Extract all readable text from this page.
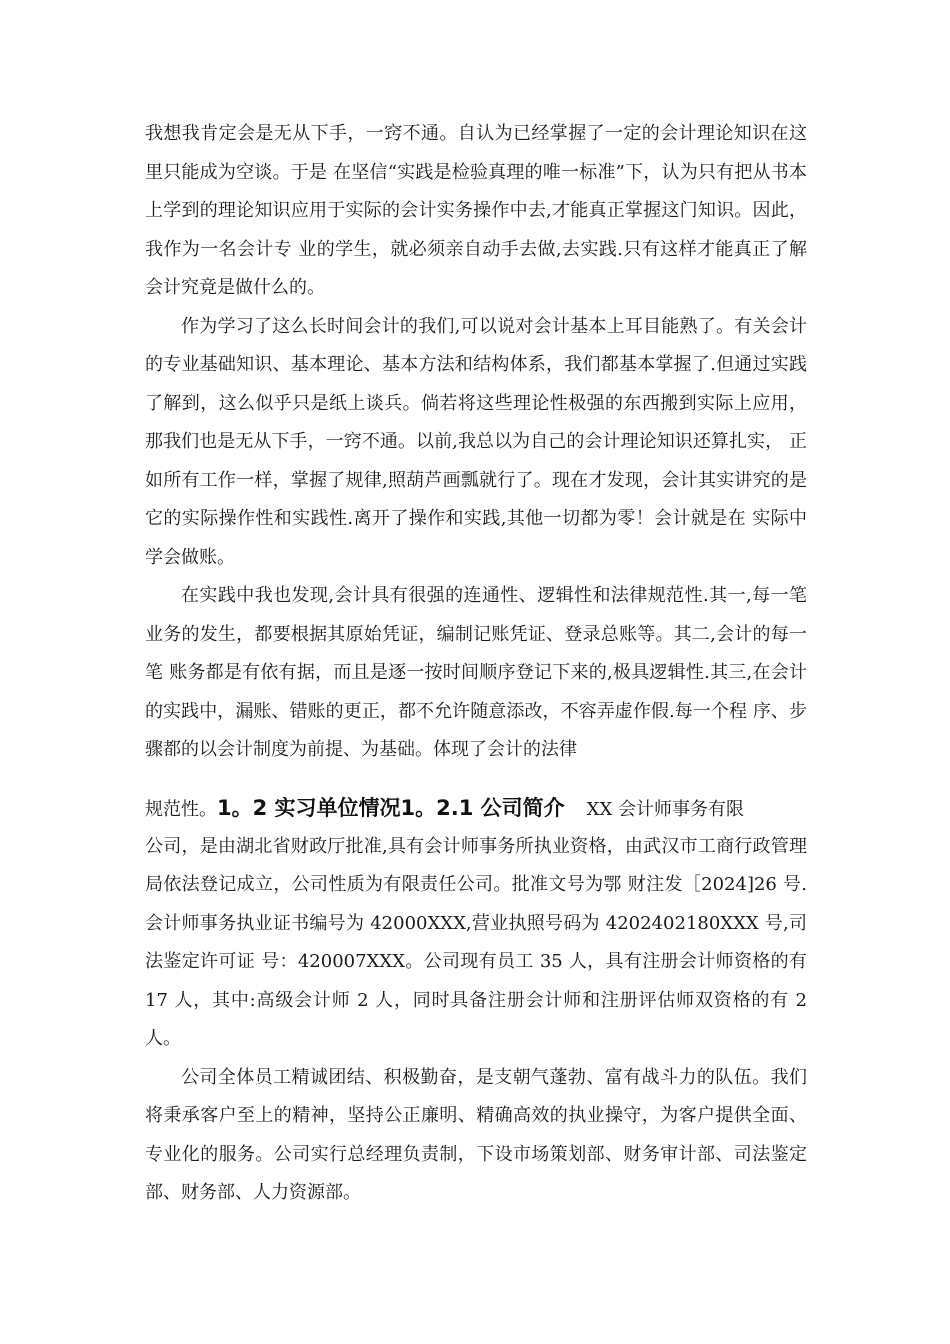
我想我肯定会是无从下手，一窍不通。自认为已经掌握了一定的会计理论知识在这里只能成为空谈。于是 在坚信“实践是检验真理的唯一标准”下，认为只有把从书本上学到的理论知识应用于实际的会计实务操作中去,才能真正掌握这门知识。因此，我作为一名会计专 业的学生，就必须亲自动手去做,去实践.只有这样才能真正了解会计究竟是做什么的。

作为学习了这么长时间会计的我们,可以说对会计基本上耳目能熟了。有关会计的专业基础知识、基本理论、基本方法和结构体系，我们都基本掌握了.但通过实践 了解到，这么似乎只是纸上谈兵。倘若将这些理论性极强的东西搬到实际上应用，那我们也是无从下手，一窍不通。以前,我总以为自己的会计理论知识还算扎实， 正如所有工作一样，掌握了规律,照葫芦画瓢就行了。现在才发现，会计其实讲究的是它的实际操作性和实践性.离开了操作和实践,其他一切都为零！会计就是在 实际中学会做账。

在实践中我也发现,会计具有很强的连通性、逻辑性和法律规范性.其一,每一笔业务的发生，都要根据其原始凭证，编制记账凭证、登录总账等。其二,会计的每一笔 账务都是有依有据，而且是逐一按时间顺序登记下来的,极具逻辑性.其三,在会计的实践中，漏账、错账的更正，都不允许随意添改，不容弄虚作假.每一个程 序、步骤都的以会计制度为前提、为基础。体现了会计的法律

规范性。1。2 实习单位情况1。2.1 公司简介 XX 会计师事务有限

公司，是由湖北省财政厅批准,具有会计师事务所执业资格，由武汉市工商行政管理局依法登记成立，公司性质为有限责任公司。批准文号为鄂 财注发［2024]26 号.会计师事务执业证书编号为 42000XXX,营业执照号码为 4202402180XXX 号,司法鉴定许可证 号：420007XXX。公司现有员工 35 人，具有注册会计师资格的有 17 人，其中:高级会计师 2 人，同时具备注册会计师和注册评估师双资格的有 2 人。

公司全体员工精诚团结、积极勤奋，是支朝气蓬勃、富有战斗力的队伍。我们将秉承客户至上的精神，坚持公正廉明、精确高效的执业操守，为客户提供全面、专业化的服务。公司实行总经理负责制，下设市场策划部、财务审计部、司法鉴定部、财务部、人力资源部。
